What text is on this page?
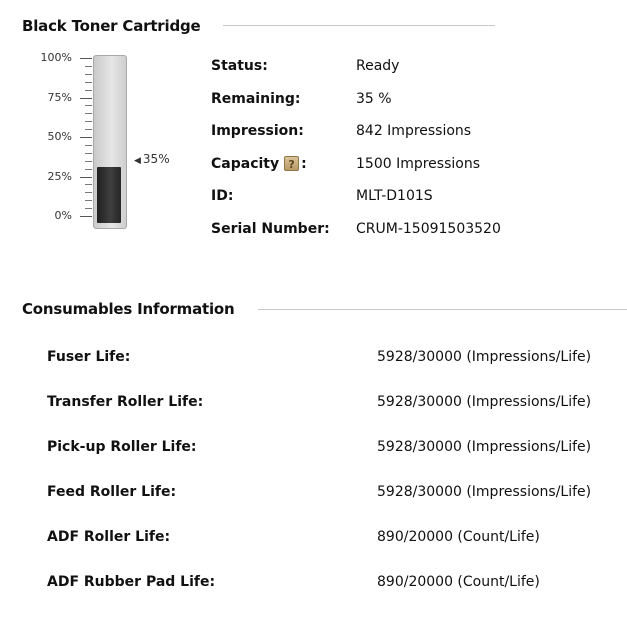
Black Toner Cartridge
100%
75%
50%
25%
0%
◀ 35%
Status:	Ready
Remaining:	35 %
Impression:	842 Impressions
Capacity ? :	1500 Impressions
ID:	MLT-D101S
Serial Number: CRUM-15091503520
Consumables Information
Fuser Life:	5928/30000 (Impressions/Life)
Transfer Roller Life:	5928/30000 (Impressions/Life)
Pick-up Roller Life:	5928/30000 (Impressions/Life)
Feed Roller Life:	5928/30000 (Impressions/Life)
ADF Roller Life:	890/20000 (Count/Life)
ADF Rubber Pad Life:	890/20000 (Count/Life)
